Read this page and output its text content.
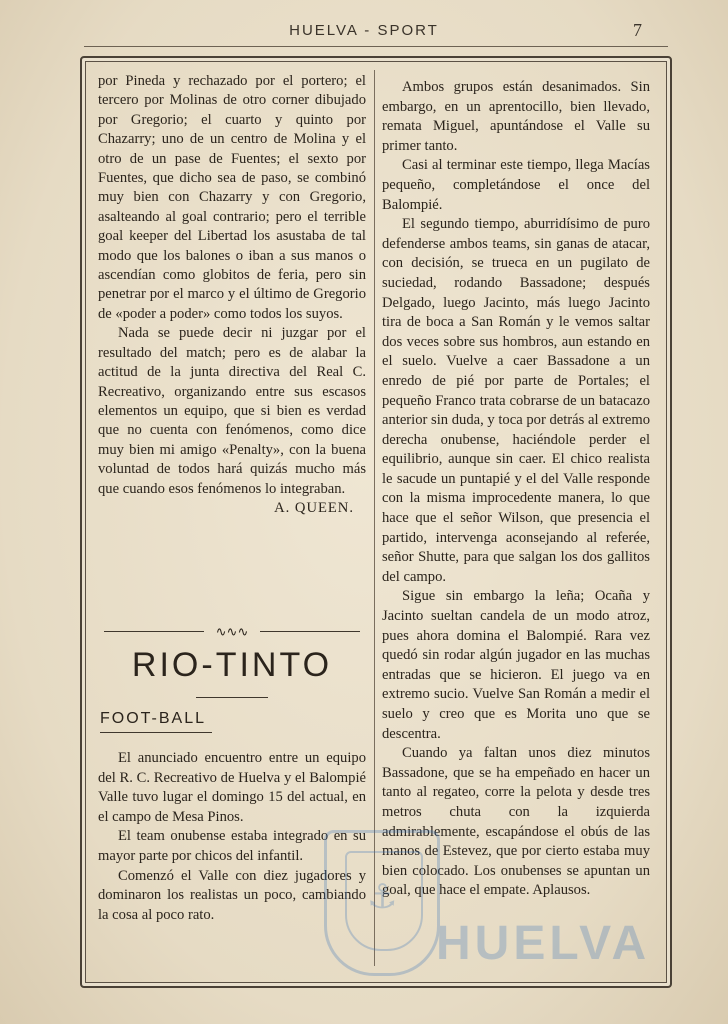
HUELVA - SPORT	7
⁓

por Pineda y rechazado por el portero; el tercero por Molinas de otro corner dibujado por Gregorio; el cuarto y quinto por Chazarry; uno de un centro de Molina y el otro de un pase de Fuentes; el sexto por Fuentes, que dicho sea de paso, se combinó muy bien con Chazarry y con Gregorio, asalteando al goal contrario; pero el terrible goal keeper del Libertad los asustaba de tal modo que los balones o iban a sus manos o ascendían como globitos de feria, pero sin penetrar por el marco y el último de Gregorio de «poder a poder» como todos los suyos.

Nada se puede decir ni juzgar por el resultado del match; pero es de alabar la actitud de la junta directiva del Real C. Recreativo, organizando entre sus escasos elementos un equipo, que si bien es verdad que no cuenta con fenómenos, como dice muy bien mi amigo «Penalty», con la buena voluntad de todos hará quizás mucho más que cuando esos fenómenos lo integraban.

A. QUEEN.

∿∿∿
RIO-TINTO
FOOT-BALL

El anunciado encuentro entre un equipo del R. C. Recreativo de Huelva y el Balompié Valle tuvo lugar el domingo 15 del actual, en el campo de Mesa Pinos.

El team onubense estaba integrado en su mayor parte por chicos del infantil.

Comenzó el Valle con diez jugadores y dominaron los realistas un poco, cambiando la cosa al poco rato.

Ambos grupos están desanimados. Sin embargo, en un aprentocillo, bien llevado, remata Miguel, apuntándose el Valle su primer tanto.

Casi al terminar este tiempo, llega Macías pequeño, completándose el once del Balompié.

El segundo tiempo, aburridísimo de puro defenderse ambos teams, sin ganas de atacar, con decisión, se trueca en un pugilato de suciedad, rodando Bassadone; después Delgado, luego Jacinto, más luego Jacinto tira de boca a San Román y le vemos saltar dos veces sobre sus hombros, aun estando en el suelo. Vuelve a caer Bassadone a un enredo de pié por parte de Portales; el pequeño Franco trata cobrarse de un batacazo anterior sin duda, y toca por detrás al extremo derecha onubense, haciéndole perder el equilibrio, aunque sin caer. El chico realista le sacude un puntapié y el del Valle responde con la misma improcedente manera, lo que hace que el señor Wilson, que presencia el partido, intervenga aconsejando al referée, señor Shutte, para que salgan los dos gallitos del campo.

Sigue sin embargo la leña; Ocaña y Jacinto sueltan candela de un modo atroz, pues ahora domina el Balompié. Rara vez quedó sin rodar algún jugador en las muchas entradas que se hicieron. El juego va en extremo sucio. Vuelve San Román a medir el suelo y creo que es Morita uno que se descentra.

Cuando ya faltan unos diez minutos Bassadone, que se ha empeñado en hacer un tanto al regateo, corre la pelota y desde tres metros chuta con la izquierda admirablemente, escapándose el obús de las manos de Estevez, que por cierto estaba muy bien colocado. Los onubenses se apuntan un goal, que hace el empate. Aplausos.

⚓
HUELVA
